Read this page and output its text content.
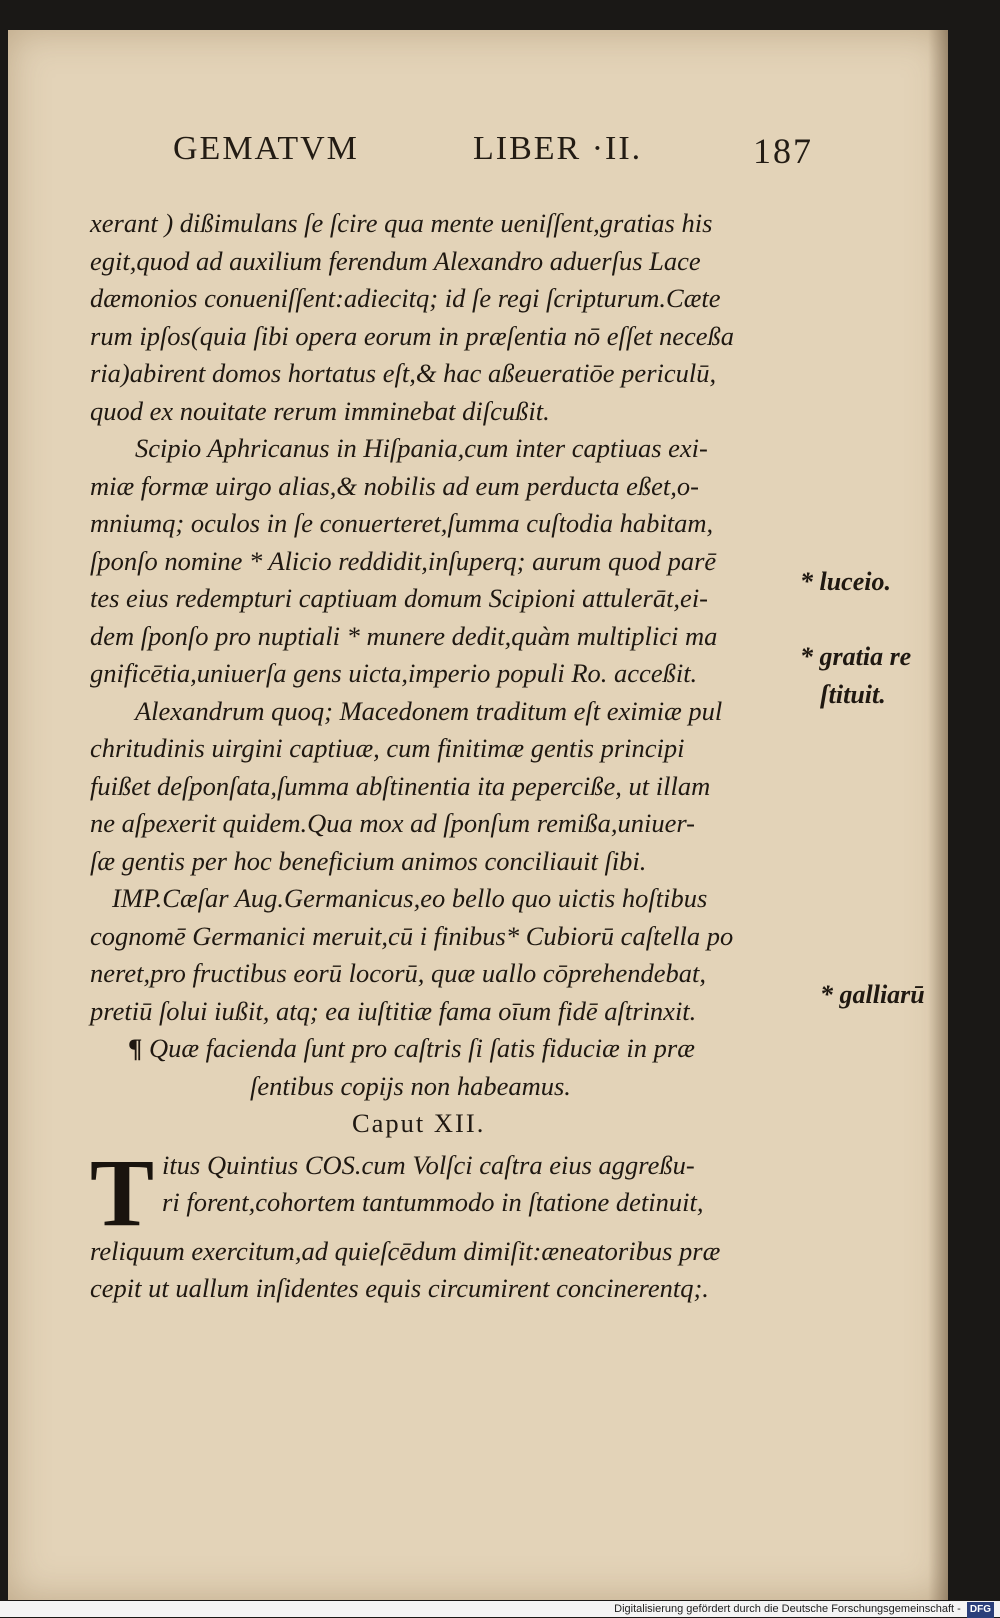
GEMATVM	LIBER ·II.	187
xerant ) dißimulans ſe ſcire qua mente ueniſſent,gratias his
egit,quod ad auxilium ferendum Alexandro aduerſus Lace
dæmonios conueniſſent:adiecitq; id ſe regi ſcripturum.Cæte
rum ipſos(quia ſibi opera eorum in præſentia nō eſſet neceßa
ria)abirent domos hortatus eſt,& hac aßeueratiōe periculū,
quod ex nouitate rerum imminebat diſcußit.
Scipio Aphricanus in Hiſpania,cum inter captiuas exi-
miæ formæ uirgo alias,& nobilis ad eum perducta eßet,o-
mniumq; oculos in ſe conuerteret,ſumma cuſtodia habitam,
ſponſo nomine * Alicio reddidit,inſuperq; aurum quod parē
tes eius redempturi captiuam domum Scipioni attulerāt,ei-
dem ſponſo pro nuptiali * munere dedit,quàm multiplici ma
gnificētia,uniuerſa gens uicta,imperio populi Ro. acceßit.
Alexandrum quoq; Macedonem traditum eſt eximiæ pul
chritudinis uirgini captiuæ, cum finitimæ gentis principi
fuißet deſponſata,ſumma abſtinentia ita pepercißе, ut illam
ne aſpexerit quidem.Qua mox ad ſponſum remißa,uniuer-
ſæ gentis per hoc beneficium animos conciliauit ſibi.
IMP.Cæſar Aug.Germanicus,eo bello quo uictis hoſtibus
cognomē Germanici meruit,cū i finibus* Cubiorū caſtella po
neret,pro fructibus eorū locorū, quæ uallo cōprehendebat,
pretiū ſolui iußit, atq; ea iuſtitiæ fama oīum fidē aſtrinxit.
¶ Quæ facienda ſunt pro caſtris ſi ſatis fiduciæ in præ
ſentibus copijs non habeamus.
Caput XII.
T itus Quintius COS.cum Volſci caſtra eius aggreßu-
ri forent,cohortem tantummodo in ſtatione detinuit,
reliquum exercitum,ad quieſcēdum dimiſit:æneatoribus præ
cepit ut uallum inſidentes equis circumirent concinerentq;.
* luceio.
* gratia re
ſtituit.
* galliarū
Digitalisierung gefördert durch die Deutsche Forschungsgemeinschaft - DFG
